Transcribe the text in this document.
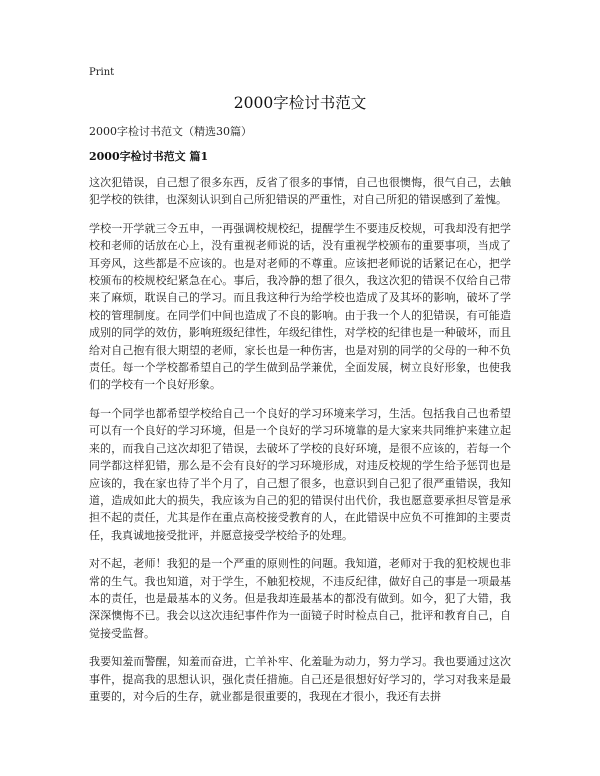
Print
2000字检讨书范文
2000字检讨书范文（精选30篇）
2000字检讨书范文 篇1

这次犯错误，自己想了很多东西，反省了很多的事情，自己也很懊悔，很气自己，去触犯学校的铁律，也深刻认识到自己所犯错误的严重性，对自己所犯的错误感到了羞愧。

学校一开学就三令五申，一再强调校规校纪，提醒学生不要违反校规，可我却没有把学校和老师的话放在心上，没有重视老师说的话，没有重视学校颁布的重要事项，当成了耳旁风，这些都是不应该的。也是对老师的不尊重。应该把老师说的话紧记在心，把学校颁布的校规校纪紧急在心。事后，我冷静的想了很久，我这次犯的错误不仅给自己带来了麻烦，耽误自己的学习。而且我这种行为给学校也造成了及其坏的影响，破坏了学校的管理制度。在同学们中间也造成了不良的影响。由于我一个人的犯错误，有可能造成别的同学的效仿，影响班级纪律性，年级纪律性，对学校的纪律也是一种破坏，而且给对自己抱有很大期望的老师，家长也是一种伤害，也是对别的同学的父母的一种不负责任。每一个学校都希望自己的学生做到品学兼优，全面发展，树立良好形象，也使我们的学校有一个良好形象。

每一个同学也都希望学校给自己一个良好的学习环境来学习，生活。包括我自己也希望可以有一个良好的学习环境，但是一个良好的学习环境靠的是大家来共同维护来建立起来的，而我自己这次却犯了错误，去破坏了学校的良好环境，是很不应该的，若每一个同学都这样犯错，那么是不会有良好的学习环境形成，对违反校规的学生给予惩罚也是应该的，我在家也待了半个月了，自己想了很多，也意识到自己犯了很严重错误，我知道，造成如此大的损失，我应该为自己的犯的错误付出代价，我也愿意要承担尽管是承担不起的责任，尤其是作在重点高校接受教育的人，在此错误中应负不可推卸的主要责任，我真诚地接受批评，并愿意接受学校给予的处理。

对不起，老师！我犯的是一个严重的原则性的问题。我知道，老师对于我的犯校规也非常的生气。我也知道，对于学生，不触犯校规，不违反纪律，做好自己的事是一项最基本的责任，也是最基本的义务。但是我却连最基本的都没有做到。如今，犯了大错，我深深懊悔不已。我会以这次违纪事件作为一面镜子时时检点自己，批评和教育自己，自觉接受监督。

我要知羞而警醒，知羞而奋进，亡羊补牢、化羞耻为动力，努力学习。我也要通过这次事件，提高我的思想认识，强化责任措施。自己还是很想好好学习的，学习对我来是最重要的，对今后的生存，就业都是很重要的，我现在才很小，我还有去拼
